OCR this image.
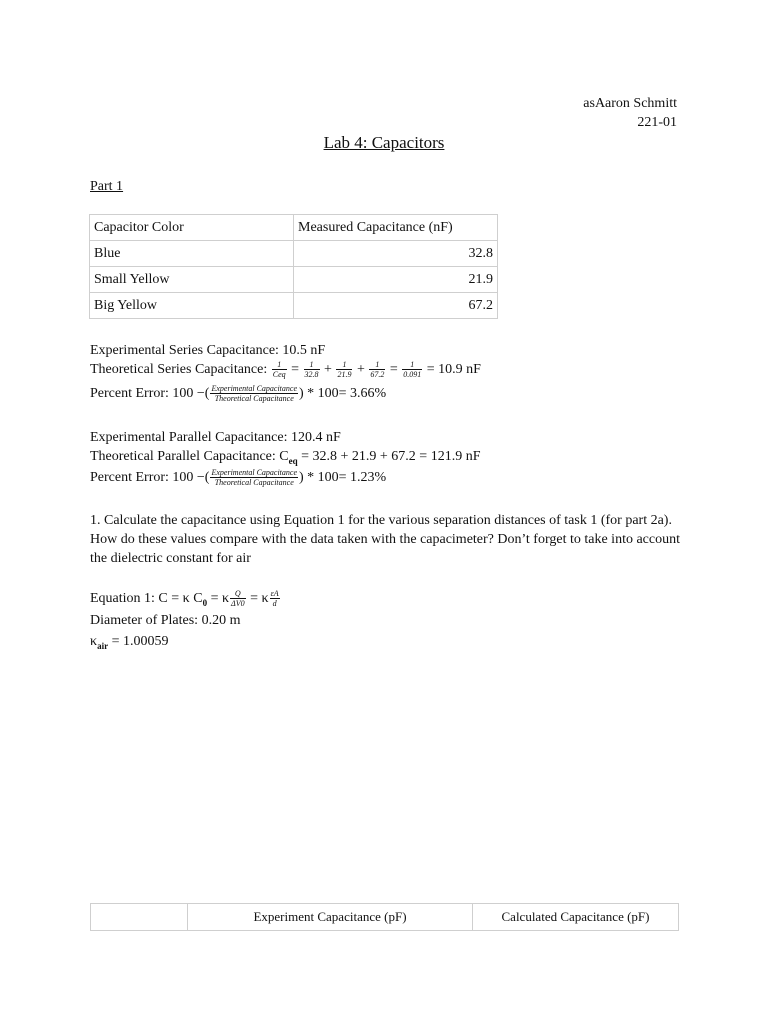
asAaron Schmitt
221-01
Lab 4: Capacitors
Part 1
Capacitor Color	Measured Capacitance (nF)
Blue	32.8
Small Yellow	21.9
Big Yellow	67.2
Experimental Series Capacitance: 10.5 nF
Theoretical Series Capacitance: $\frac{1}{\text{Ceq}} = \frac{1}{32.8} + \frac{1}{21.9} + \frac{1}{67.2} = \frac{1}{0.091} = 10.9$ nF
Percent Error: 100 −( $\frac{\text{Experimental Capacitance}}{\text{Theoretical Capacitance}}$ ) * 100= 3.66%
Experimental Parallel Capacitance: 120.4 nF
Theoretical Parallel Capacitance: $C_{eq} = 32.8 + 21.9 + 67.2 = 121.9$ nF
Percent Error: 100 −( $\frac{\text{Experimental Capacitance}}{\text{Theoretical Capacitance}}$ ) * 100= 1.23%
1. Calculate the capacitance using Equation 1 for the various separation distances of task 1 (for part 2a).
How do these values compare with the data taken with the capacimeter? Don’t forget to take into account
the dielectric constant for air
Equation 1: C = κ $C_0 = \kappa \frac{Q}{\Delta V0} = \kappa \frac{\varepsilon A}{d}$
Diameter of Plates: 0.20 m
$\kappa_{air} = 1.00059$
	Experiment Capacitance (pF)	Calculated Capacitance (pF)
